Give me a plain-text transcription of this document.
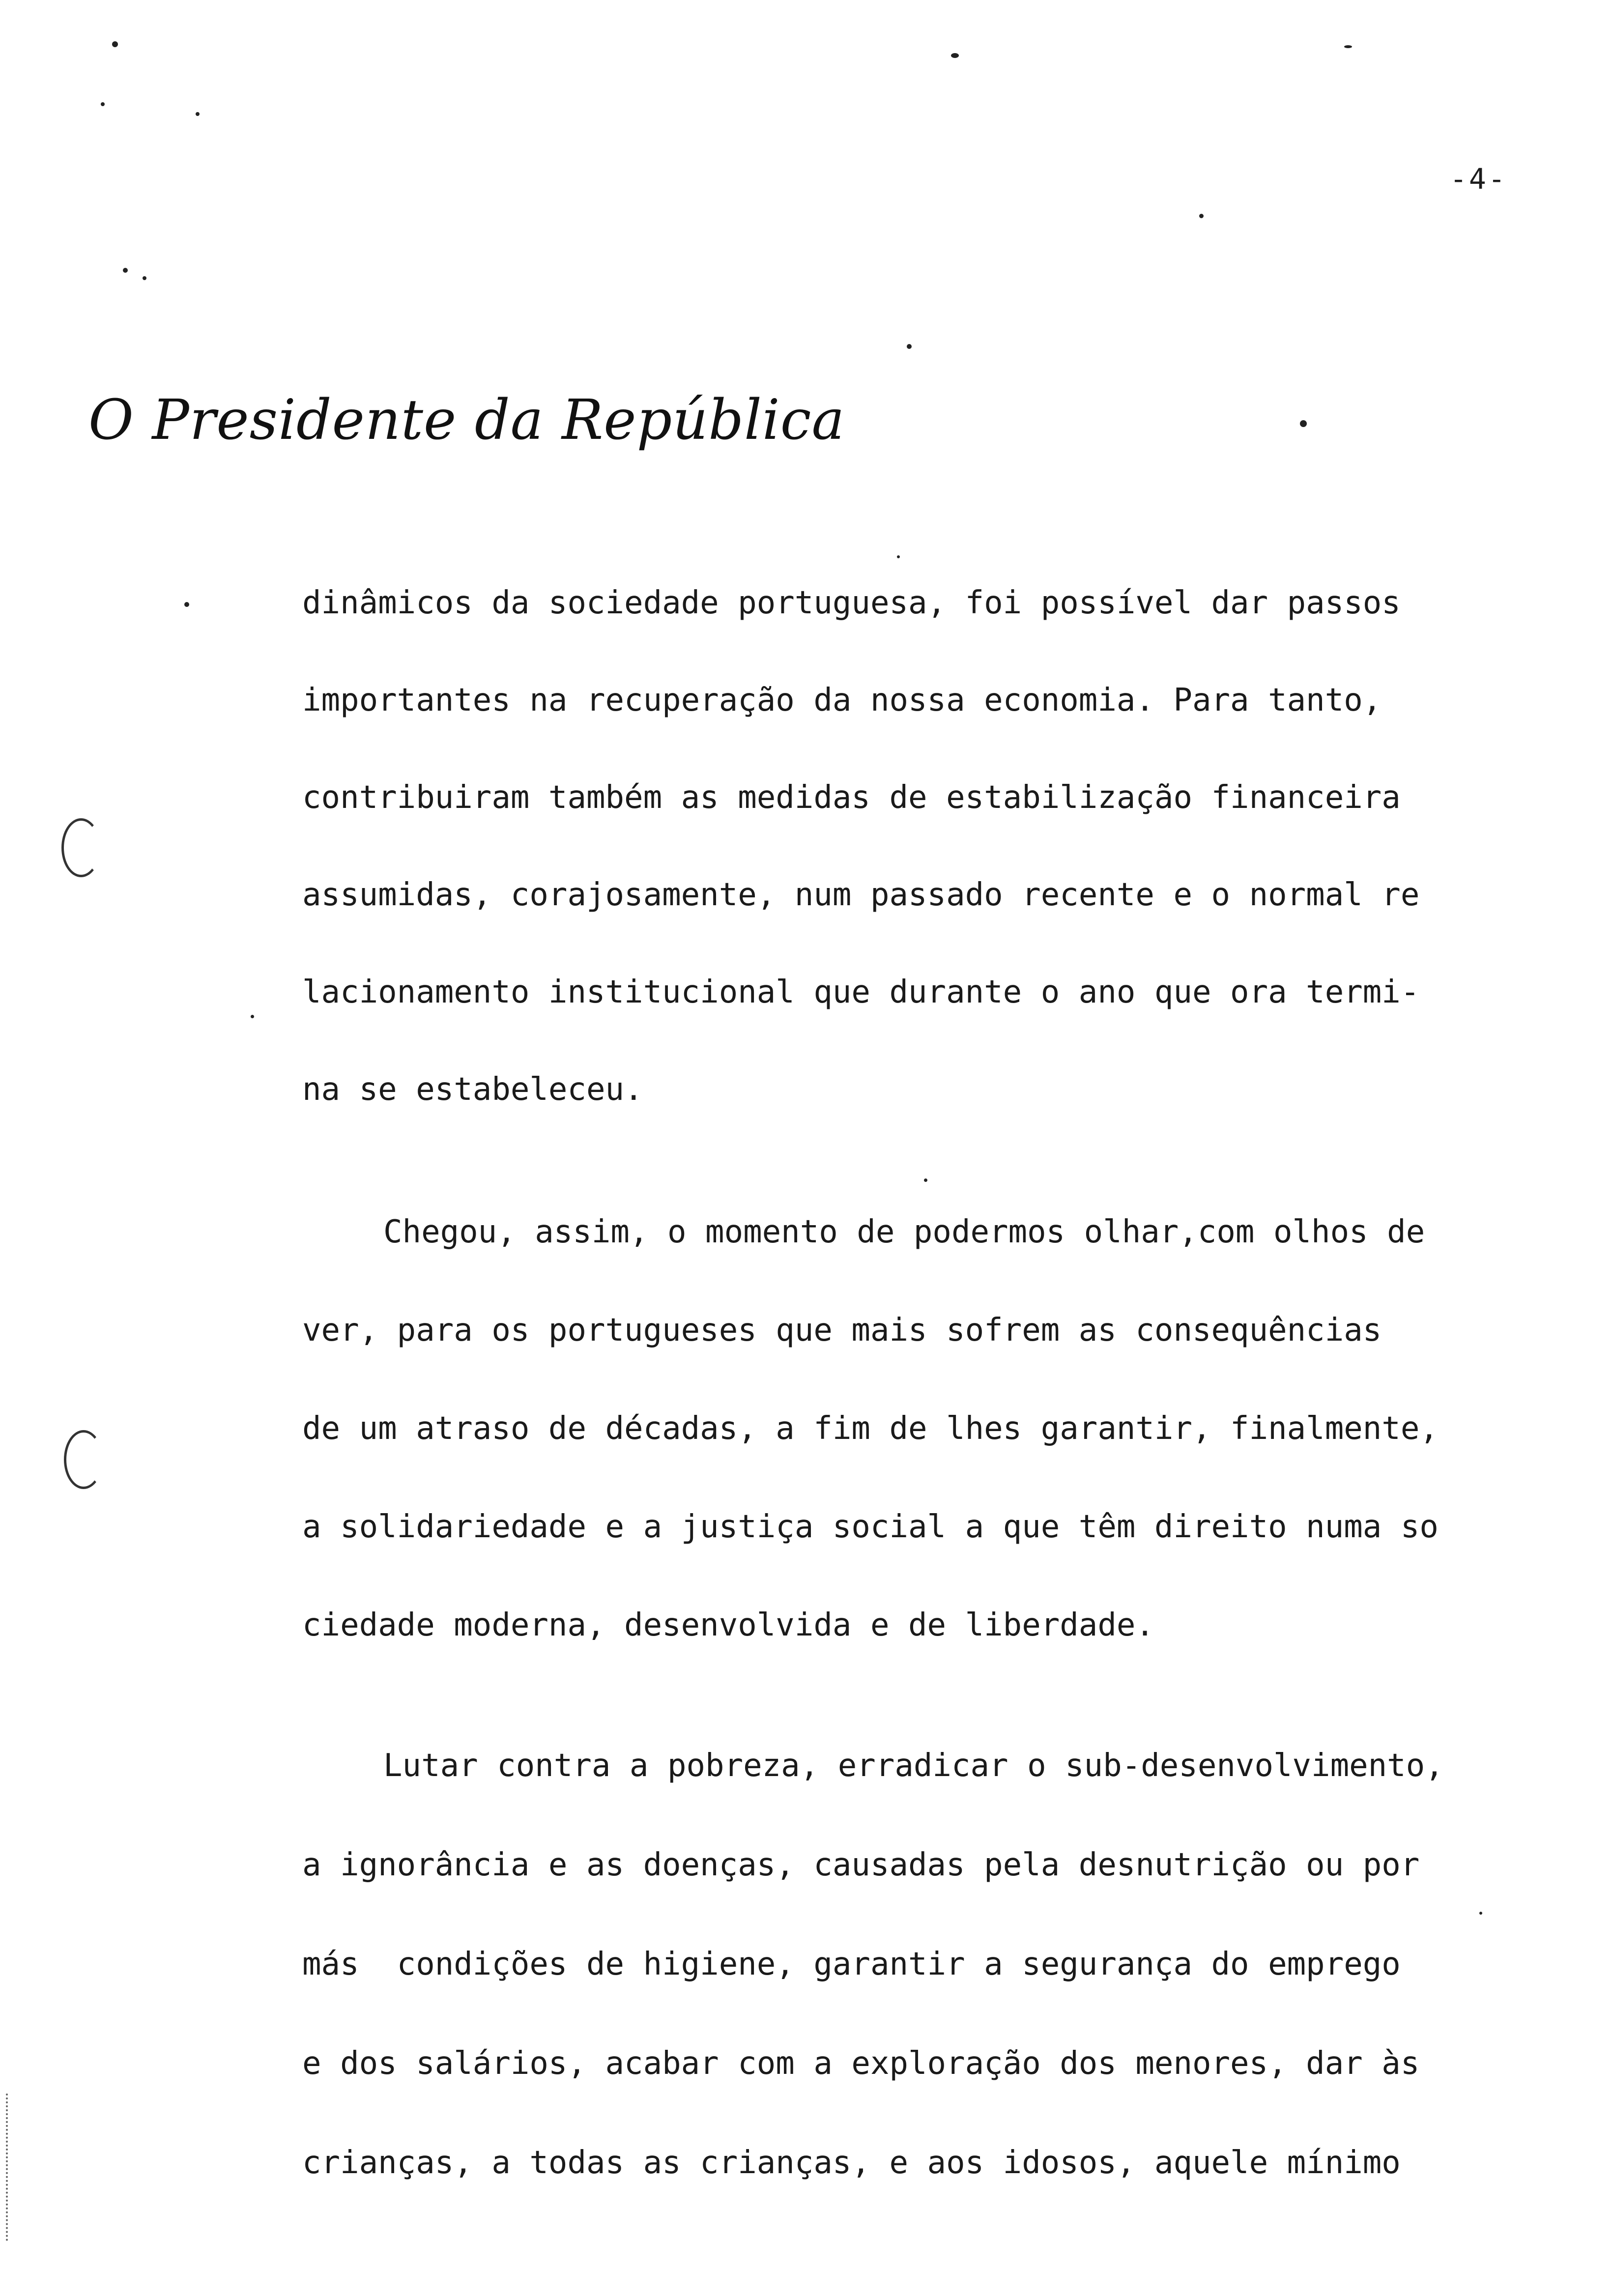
-4-
O Presidente da República
dinâmicos da sociedade portuguesa, foi possível dar passos
importantes na recuperação da nossa economia. Para tanto,
contribuiram também as medidas de estabilização financeira
assumidas, corajosamente, num passado recente e o normal re
lacionamento institucional que durante o ano que ora termi-
na se estabeleceu.
Chegou, assim, o momento de podermos olhar,com olhos de
ver, para os portugueses que mais sofrem as consequências
de um atraso de décadas, a fim de lhes garantir, finalmente,
a solidariedade e a justiça social a que têm direito numa so
ciedade moderna, desenvolvida e de liberdade.
Lutar contra a pobreza, erradicar o sub-desenvolvimento,
a ignorância e as doenças, causadas pela desnutrição ou por
más  condições de higiene, garantir a segurança do emprego
e dos salários, acabar com a exploração dos menores, dar às
crianças, a todas as crianças, e aos idosos, aquele mínimo
